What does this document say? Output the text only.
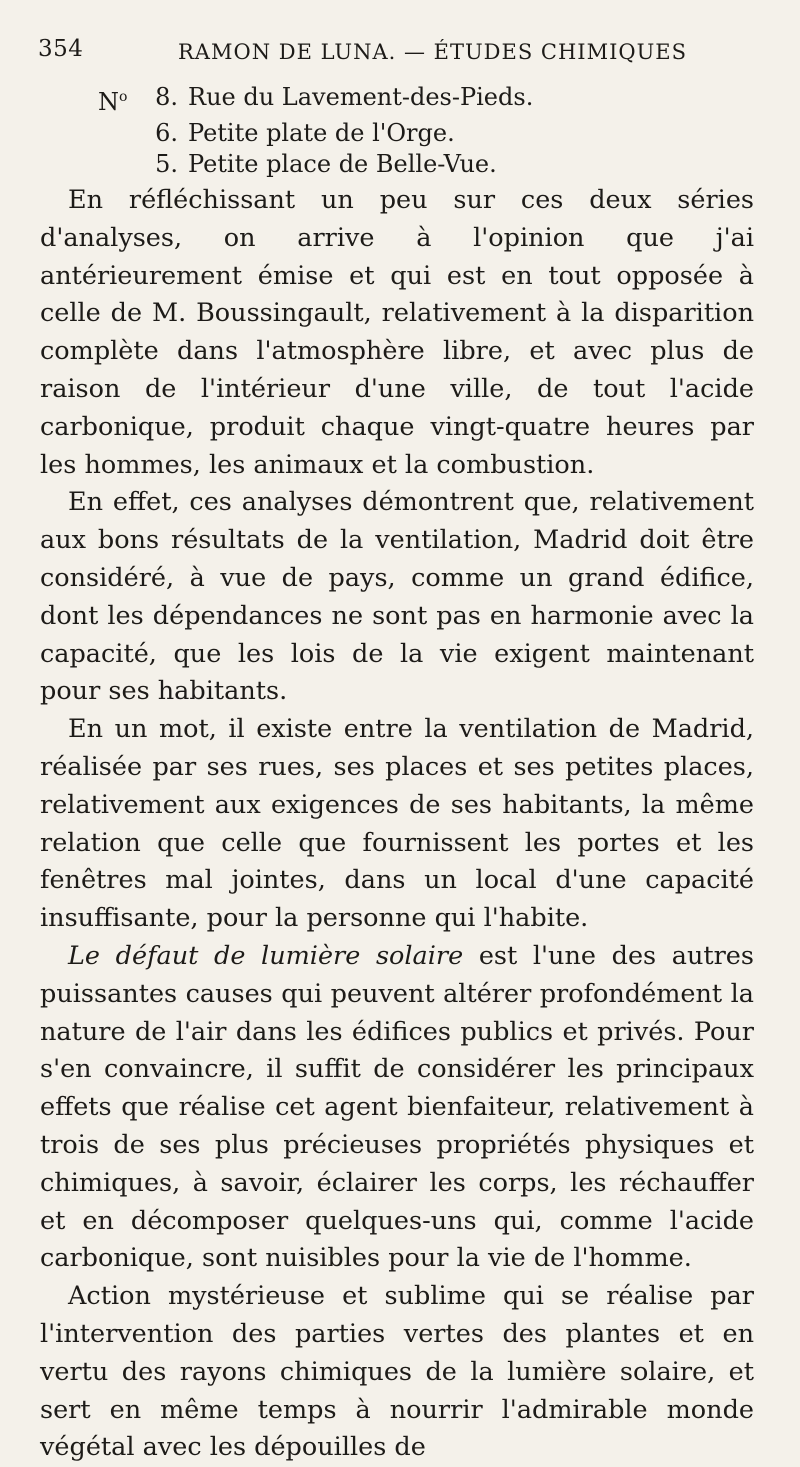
354	RAMON DE LUNA. — ÉTUDES CHIMIQUES
$N^o$	8. Rue du Lavement-des-Pieds.
6. Petite plate de l'Orge.
5. Petite place de Belle-Vue.

En réfléchissant un peu sur ces deux séries d'analyses, on arrive à l'opinion que j'ai antérieurement émise et qui est en tout opposée à celle de M. Boussingault, relativement à la disparition complète dans l'atmosphère libre, et avec plus de raison de l'intérieur d'une ville, de tout l'acide carbonique, produit chaque vingt-quatre heures par les hommes, les animaux et la combustion.

En effet, ces analyses démontrent que, relativement aux bons résultats de la ventilation, Madrid doit être considéré, à vue de pays, comme un grand édifice, dont les dépendances ne sont pas en harmonie avec la capacité, que les lois de la vie exigent maintenant pour ses habitants.

En un mot, il existe entre la ventilation de Madrid, réalisée par ses rues, ses places et ses petites places, relativement aux exigences de ses habitants, la même relation que celle que fournissent les portes et les fenêtres mal jointes, dans un local d'une capacité insuffisante, pour la personne qui l'habite.

Le défaut de lumière solaire est l'une des autres puissantes causes qui peuvent altérer profondément la nature de l'air dans les édifices publics et privés. Pour s'en convaincre, il suffit de considérer les principaux effets que réalise cet agent bienfaiteur, relativement à trois de ses plus précieuses propriétés physiques et chimiques, à savoir, éclairer les corps, les réchauffer et en décomposer quelques-uns qui, comme l'acide carbonique, sont nuisibles pour la vie de l'homme.

Action mystérieuse et sublime qui se réalise par l'intervention des parties vertes des plantes et en vertu des rayons chimiques de la lumière solaire, et sert en même temps à nourrir l'admirable monde végétal avec les dépouilles de
